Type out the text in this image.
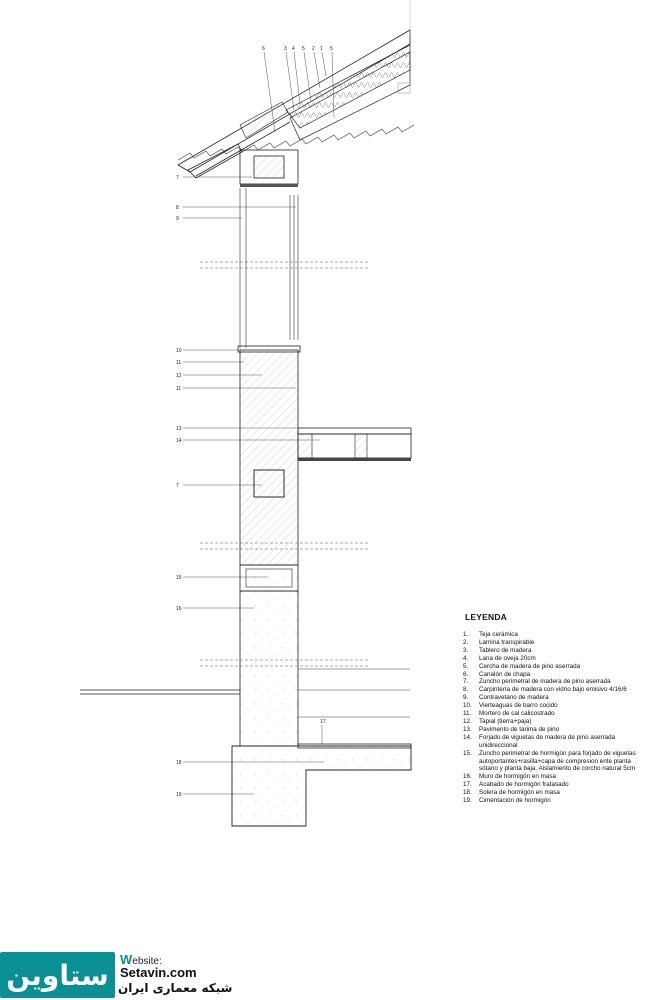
6	3 4 5 2 1 5
7
8
9
10
11
12
11
13
14
7
15
16
18
19
17.
LEYENDA
1.	Teja cerámica
2.	Lamina transpirable
3.	Tablero de madera
4.	Lana de oveja 20cm
5.	Cercha de madera de pino aserrada
6.	Canalón de chapa
7.	Zuncho perimetral de madera de pino aserrada
8.	Carpintería de madera con vidrio bajo emisivo 4/16/6
9.	Contravetano de madera
10.	Vierteaguas de barro cocido
11.	Mortero de cal calicostrado
12.	Tapial (tierra+paja)
13.	Pavimento de tarima de pino
14.	Forjado de viguetas de madera de pino aserrada unidireccional
15.	Zuncho perimetral de hormigón para forjado de viguetas autoportantes+rasilla+capa de compresion ente planta sótano y planta baja. Aislamiento de corcho natural 5cm
16.	Muro de hormigón en masa
17.	Acabado de hormigón fratasado
18.	Solera de hormigón en masa
19.	Cimentación de hormigón
ستاوین Website:
Setavin.com
شبکه معماری ایران
